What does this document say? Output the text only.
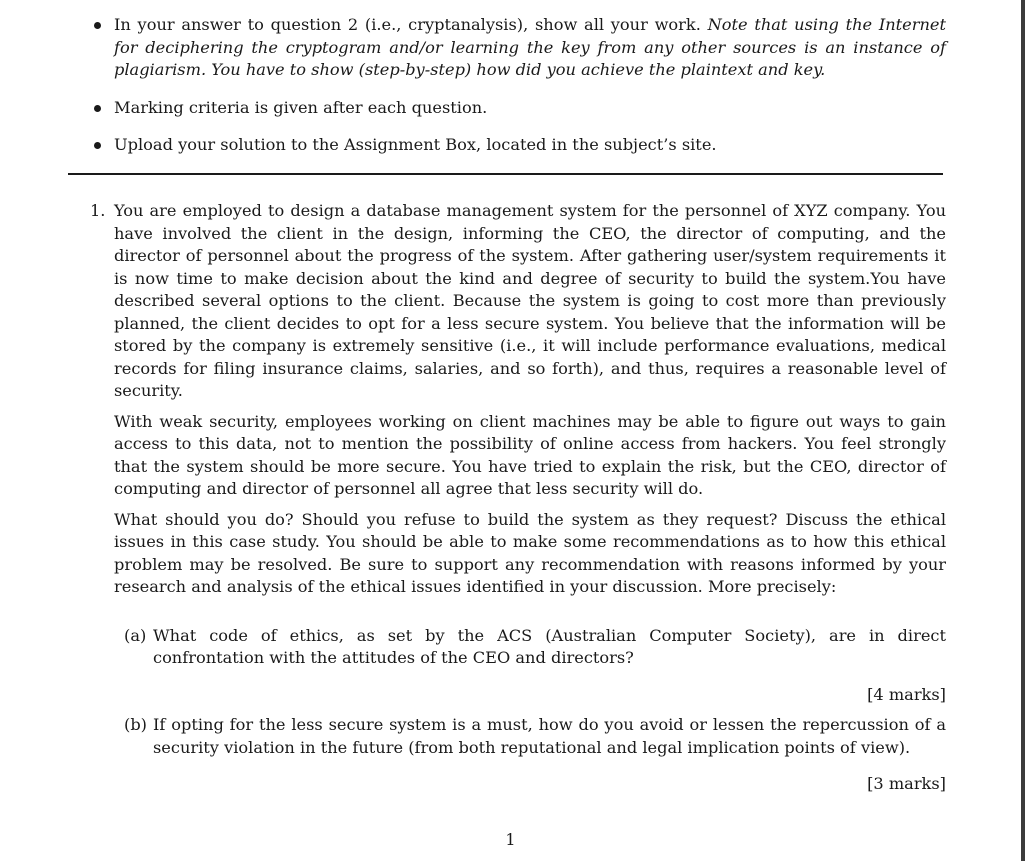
In your answer to question 2 (i.e., cryptanalysis), show all your work. Note that using the Internet for deciphering the cryptogram and/or learning the key from any other sources is an instance of plagiarism. You have to show (step-by-step) how did you achieve the plaintext and key.
Marking criteria is given after each question.
Upload your solution to the Assignment Box, located in the subject’s site.
1. You are employed to design a database management system for the personnel of XYZ company. You have involved the client in the design, informing the CEO, the director of computing, and the director of personnel about the progress of the system. After gathering user/system requirements it is now time to make decision about the kind and degree of security to build the system.You have described several options to the client. Because the system is going to cost more than previously planned, the client decides to opt for a less secure system. You believe that the information will be stored by the company is extremely sensitive (i.e., it will include performance evaluations, medical records for filing insurance claims, salaries, and so forth), and thus, requires a reasonable level of security.

With weak security, employees working on client machines may be able to figure out ways to gain access to this data, not to mention the possibility of online access from hackers. You feel strongly that the system should be more secure. You have tried to explain the risk, but the CEO, director of computing and director of personnel all agree that less security will do.

What should you do? Should you refuse to build the system as they request? Discuss the ethical issues in this case study. You should be able to make some recommendations as to how this ethical problem may be resolved. Be sure to support any recommendation with reasons informed by your research and analysis of the ethical issues identified in your discussion. More precisely:

(a) What code of ethics, as set by the ACS (Australian Computer Society), are in direct confrontation with the attitudes of the CEO and directors?
[4 marks]
(b) If opting for the less secure system is a must, how do you avoid or lessen the repercussion of a security violation in the future (from both reputational and legal implication points of view).
[3 marks]
1
